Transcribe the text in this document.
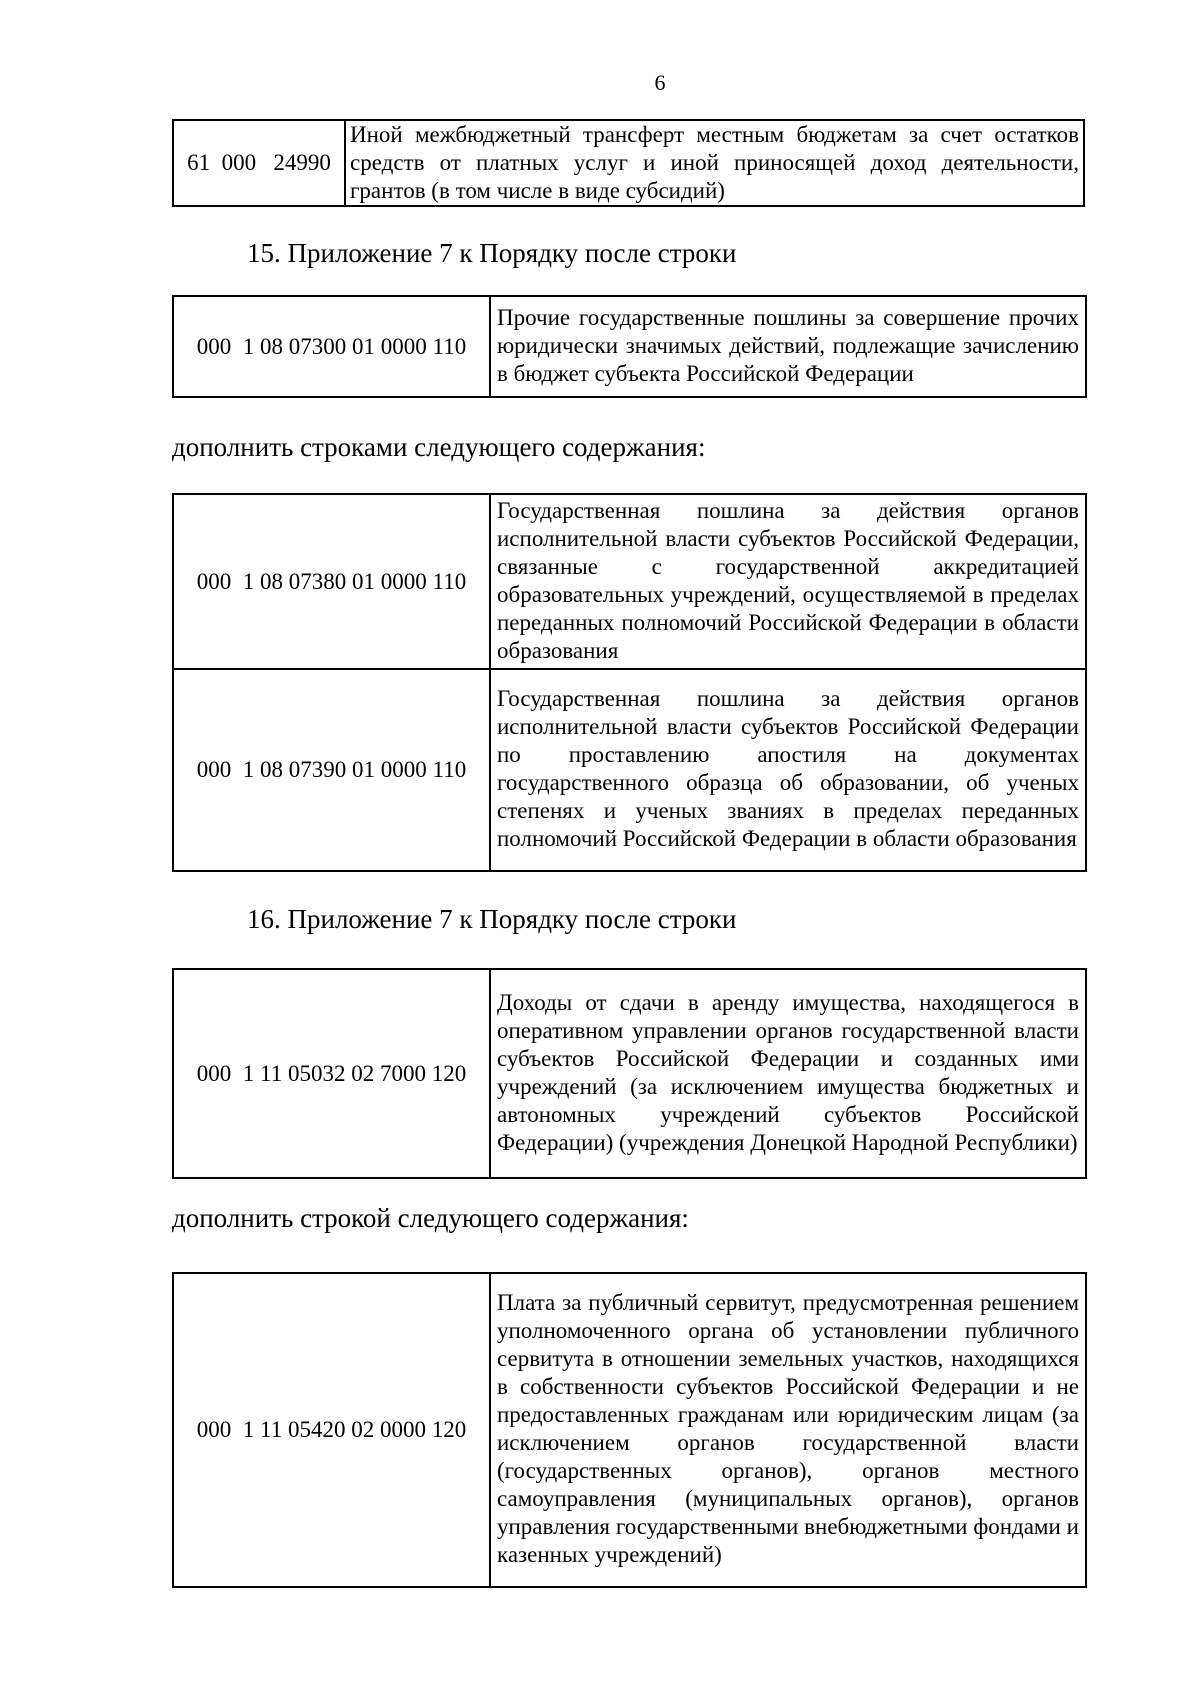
6
61  000   24990	Иной межбюджетный трансферт местным бюджетам за счет остатков средств от платных услуг и иной приносящей доход деятельности, грантов (в том числе в виде субсидий)
15. Приложение 7 к Порядку после строки
000  1 08 07300 01 0000 110	Прочие государственные пошлины за совершение прочих юридически значимых действий, подлежащие зачислению в бюджет субъекта Российской Федерации
дополнить строками следующего содержания:
000  1 08 07380 01 0000 110	Государственная пошлина за действия органов исполнительной власти субъектов Российской Федерации, связанные с государственной аккредитацией образовательных учреждений, осуществляемой в пределах переданных полномочий Российской Федерации в области образования
000  1 08 07390 01 0000 110	Государственная пошлина за действия органов исполнительной власти субъектов Российской Федерации по проставлению апостиля на документах государственного образца об образовании, об ученых степенях и ученых званиях в пределах переданных полномочий Российской Федерации в области образования
16. Приложение 7 к Порядку после строки
000  1 11 05032 02 7000 120	Доходы от сдачи в аренду имущества, находящегося в оперативном управлении органов государственной власти субъектов Российской Федерации и созданных ими учреждений (за исключением имущества бюджетных и автономных учреждений субъектов Российской Федерации) (учреждения Донецкой Народной Республики)
дополнить строкой следующего содержания:
000  1 11 05420 02 0000 120	Плата за публичный сервитут, предусмотренная решением уполномоченного органа об установлении публичного сервитута в отношении земельных участков, находящихся в собственности субъектов Российской Федерации и не предоставленных гражданам или юридическим лицам (за исключением органов государственной власти (государственных органов), органов местного самоуправления (муниципальных органов), органов управления государственными внебюджетными фондами и казенных учреждений)
